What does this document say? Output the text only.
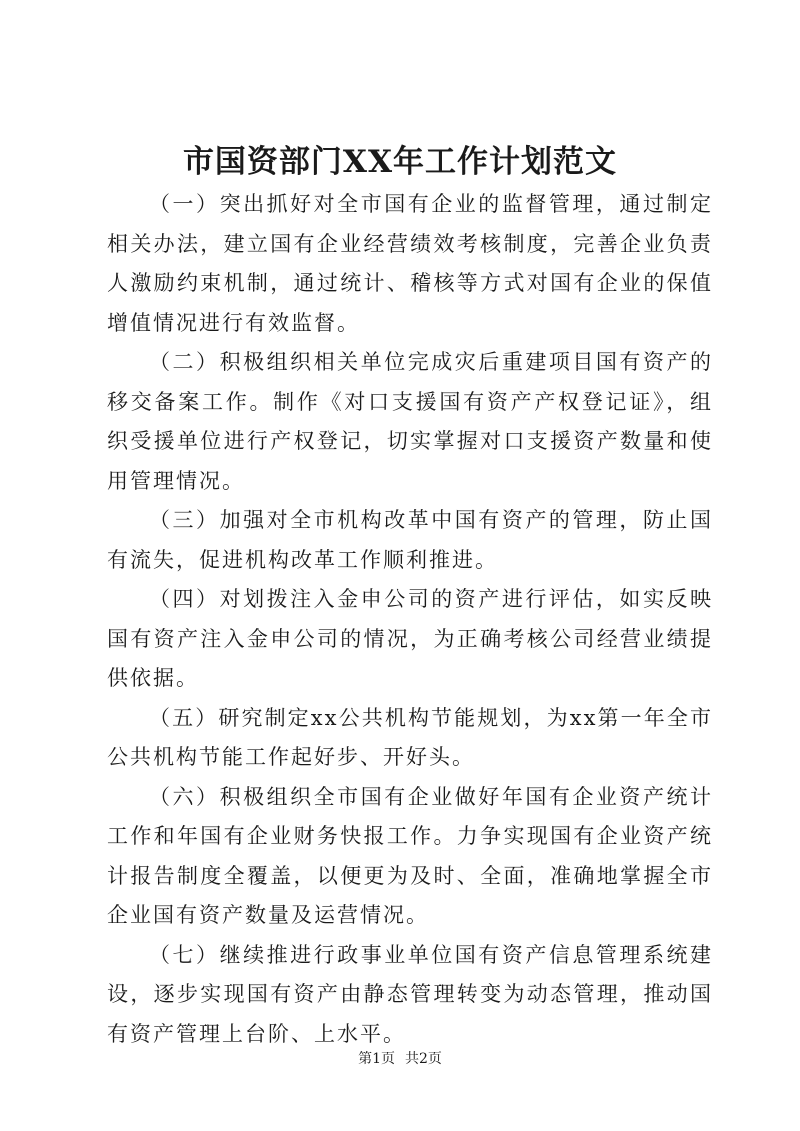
市国资部门XX年工作计划范文

（一）突出抓好对全市国有企业的监督管理，通过制定相关办法，建立国有企业经营绩效考核制度，完善企业负责人激励约束机制，通过统计、稽核等方式对国有企业的保值增值情况进行有效监督。

（二）积极组织相关单位完成灾后重建项目国有资产的移交备案工作。制作《对口支援国有资产产权登记证》，组织受援单位进行产权登记，切实掌握对口支援资产数量和使用管理情况。

（三）加强对全市机构改革中国有资产的管理，防止国有流失，促进机构改革工作顺利推进。

（四）对划拨注入金申公司的资产进行评估，如实反映国有资产注入金申公司的情况，为正确考核公司经营业绩提供依据。

（五）研究制定xx公共机构节能规划，为xx第一年全市公共机构节能工作起好步、开好头。

（六）积极组织全市国有企业做好年国有企业资产统计工作和年国有企业财务快报工作。力争实现国有企业资产统计报告制度全覆盖，以便更为及时、全面，准确地掌握全市企业国有资产数量及运营情况。

（七）继续推进行政事业单位国有资产信息管理系统建设，逐步实现国有资产由静态管理转变为动态管理，推动国有资产管理上台阶、上水平。

第1页 共2页
